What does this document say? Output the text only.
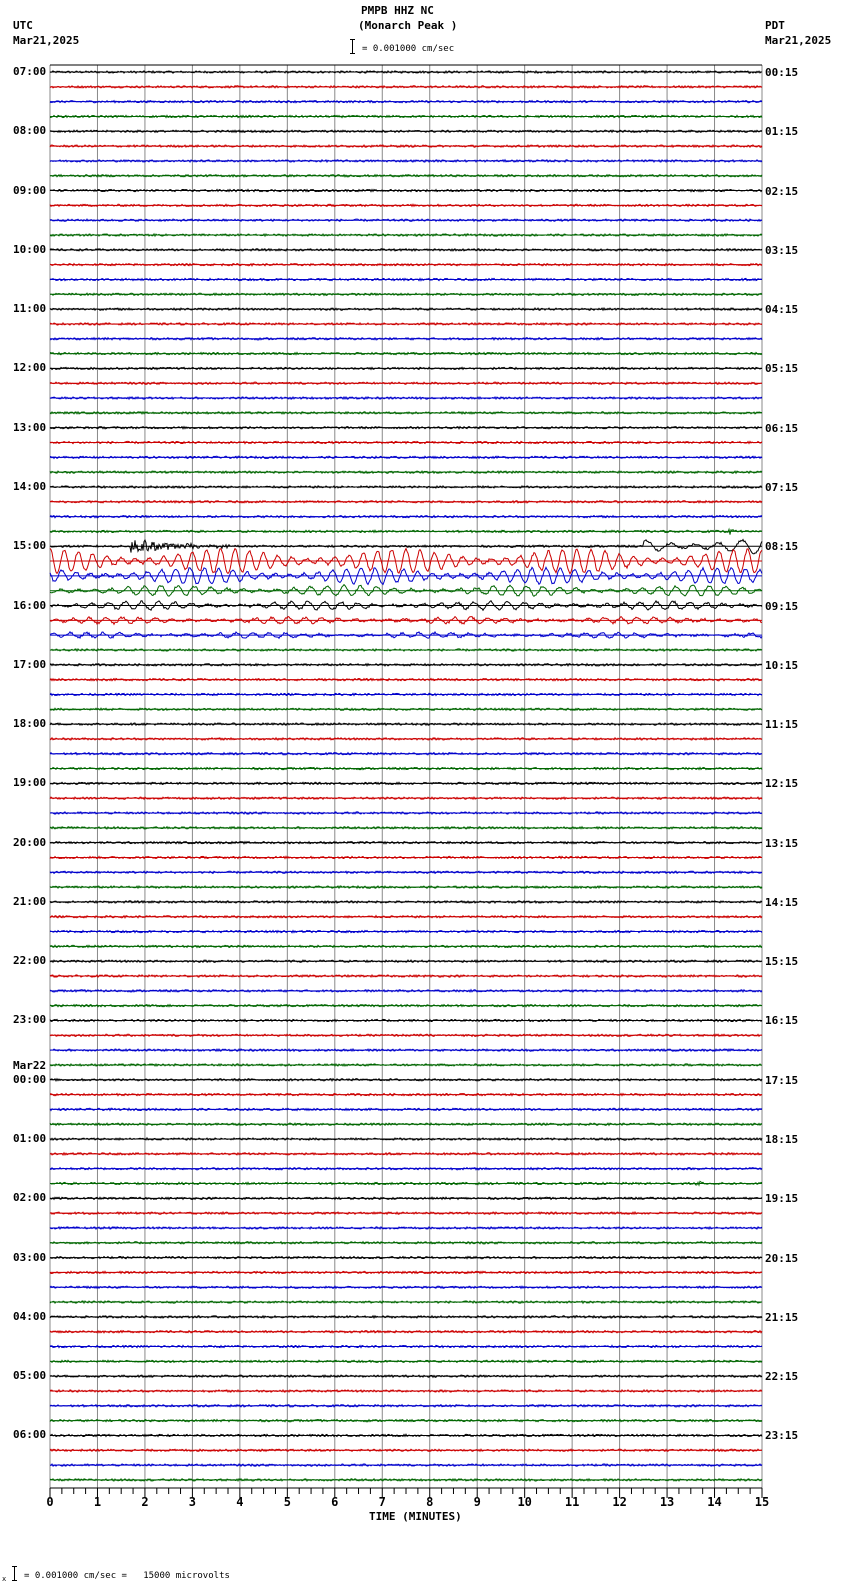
PMPB HHZ NC
(Monarch Peak )
UTC
Mar21,2025
PDT
Mar21,2025
= 0.001000 cm/sec
0	1	2	3	4	5	6	7	8	9	10	11	12	13	14	15
07:00
08:00
09:00
10:00
11:00
12:00
13:00
14:00
15:00
16:00
17:00
18:00
19:00
20:00
21:00
22:00
23:00
00:00
Mar22
01:00
02:00
03:00
04:00
05:00
06:00
00:15
01:15
02:15
03:15
04:15
05:15
06:15
07:15
08:15
09:15
10:15
11:15
12:15
13:15
14:15
15:15
16:15
17:15
18:15
19:15
20:15
21:15
22:15
23:15
TIME (MINUTES)
x = 0.001000 cm/sec =   15000 microvolts
